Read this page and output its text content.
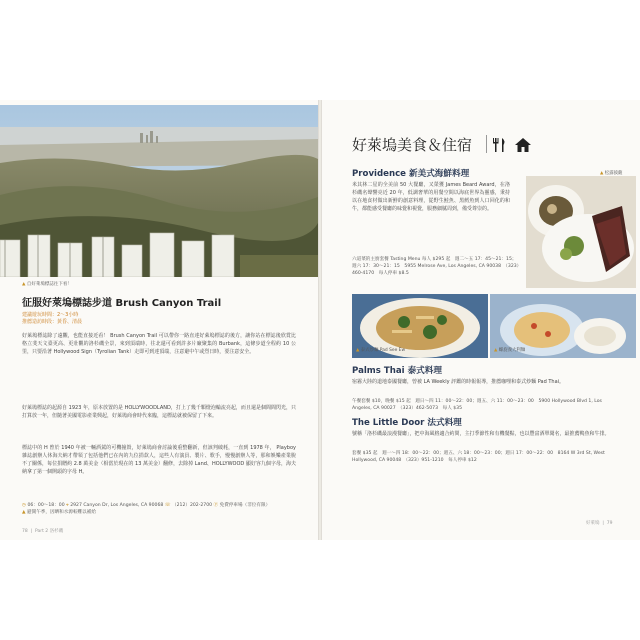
▲ 自好萊塢標誌往下看！
征服好萊塢標誌步道 Brush Canyon Trail
建議遊玩時間：2～3小時
推薦造訪時段：黃昏、清晨
好萊塢標誌除了遠觀，也能直接近看！ Brush Canyon Trail 可以帶你一路直達好萊塢標誌的後方，讓你站在標誌後欣賞比格立斐天文臺更高、更壯觀的洛杉磯全景，來到頂端時，往北還可看到許多片廠聚集的 Burbank，這條步道全程約 10 公里，只要沿著 Hollywood Sign（Tyrolian Tank）走即可到達頂端，注意避中午或烈日時，要注意安全。
好萊塢標誌的起源自 1923 年，原本放置的是 HOLLYWOODLAND，打上了幾千顆燈泡輪流亮起，而且還是個間間閃光，只打算放一年，但隨著美國電影產業興起，好萊塢商會時代來臨，這標誌就被保留了下來。
標誌中的 H 曾於 1940 年被一輛酒駕的可機撞毀，好萊塢商會討論後重整翻新，但該判破耗，一直到 1978 年， Playboy 雜誌創辦人休海夫納才帶領了包括他們已在內的九位捐款人，這些人有演員、製片、歌手，慢慢創辦人等，那和娛樂產業脫不了關係，每位捐贈約 2.8 萬美金（相當於現在的 13 萬美金）翻修，去除掉 Land、HOLLYWOOD 顯好容九個字母，海夫納拿了第一個開頭的字母 H。
◷ 06：00～18：00 ⌖ 2927 Canyon Dr, Los Angeles, CA 90068 ☏ （212）202-2700 Ⓟ 免費停車場（非位有限）
▲ 避開午季，因晒和水源較難以補給
78  |  Part 2 洛杉磯
好萊塢美食＆住宿
Providence 新美式海鮮料理
米其林二星的全美前 50 大餐廳，又榮獲 James Beard Award，在洛杉磯名聲響亮近 20 年，低調奢華的用餐空間以海底世界為靈感，秉持以在地食材做出新鮮的創意料理，從野生鮭魚、黑鱈魚到人口回化的和牛，都能感受餐廳的味覺和視覺，服務細膩周到，備受尊崇的。
▲ 松露披薩
六道菜的主廚套餐 Tasting Menu 每人 $295 起　週二～五 17：45～21：15；週六 17：30～21：15　5955 Melrose Ave, Los Angeles, CA 90038　（323）460-4170　每人停車 $8.5
▲ 泰式炒麵 Pad See Ew	▲ 螺旋義大利麵
Palms Thai 泰式料理
宿霧大陸的道地泰國餐廳，曾被 LA Weekly 評鑑的時報報導，推薦咖哩和泰式炒麵 Pad Thai。
午餐套餐 $10，晚餐 $15 起　週日～四 11：00～22：00；週五、六 11：00～23：00　5900 Hollywood Blvd 1, Los Angeles, CA 90027　（323）462-5073　每人 $35
The Little Door 法式料理
號稱「洛杉磯最浪漫餐廳」，把中海風格適合約問，主打季節性和有機餐點，也以豐富酒單聞名，最推薦鴨魚和牛排。
套餐 $35 起　週一～四 18：00～22：00；週五、六 18：00～23：00；週日 17：00～22：00　8164 W 3rd St, West Hollywood, CA 90048　（323）951-1210　每人停車 $12
好萊塢  |  79
